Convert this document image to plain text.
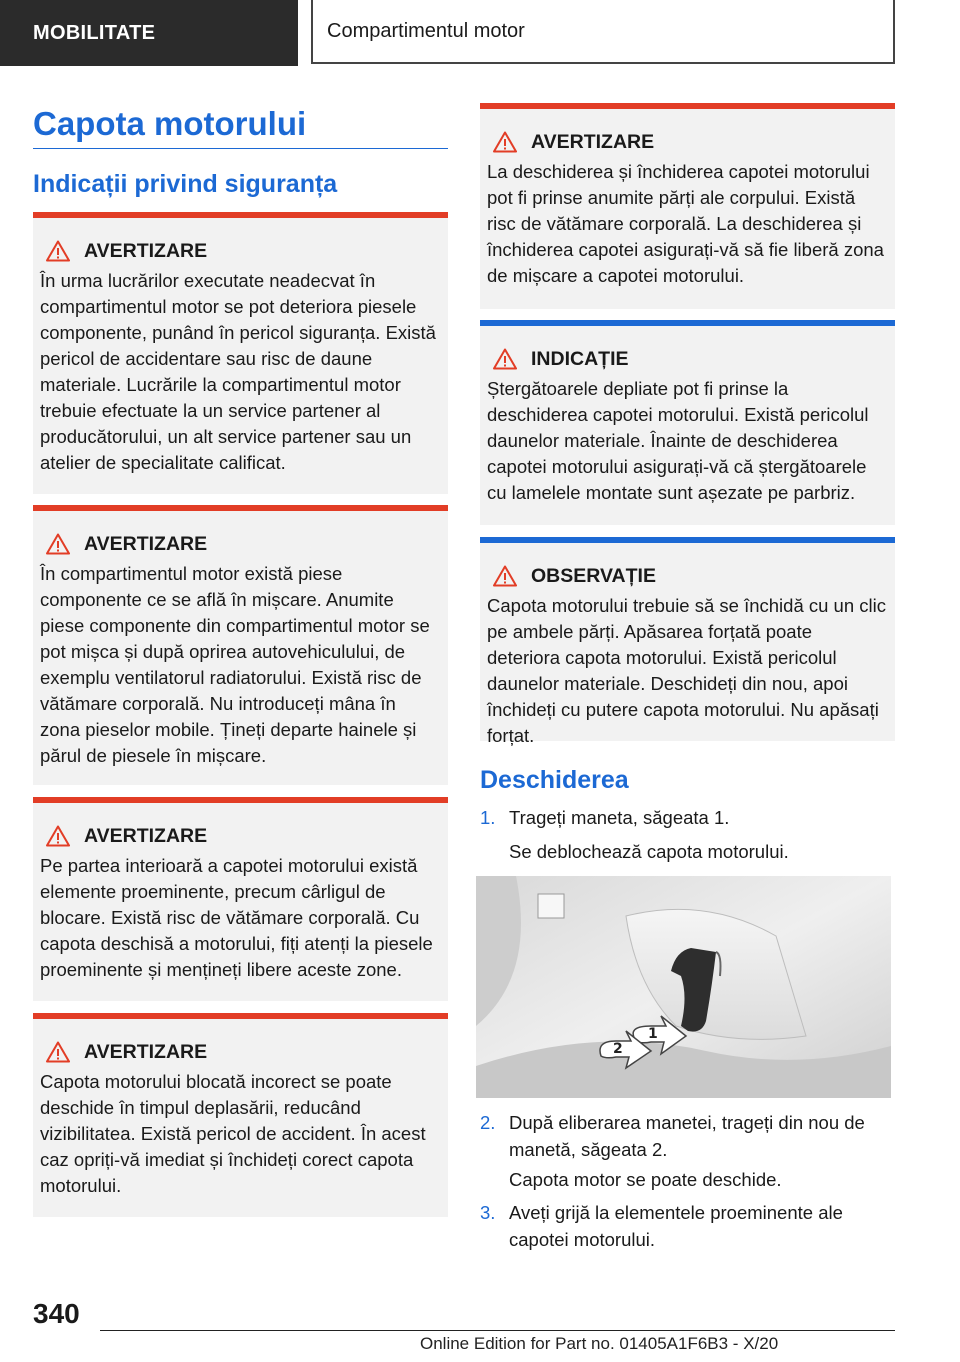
MOBILITATE	Compartimentul motor
Capota motorului
Indicații privind siguranța
AVERTIZARE

În urma lucrărilor executate neadecvat în compartimentul motor se pot deteriora piesele componente, punând în pericol siguranța. Există pericol de accidentare sau risc de daune materiale. Lucrările la compartimentul motor trebuie efectuate la un service partener al producătorului, un alt service partener sau un atelier de specialitate calificat.

AVERTIZARE

În compartimentul motor există piese componente ce se află în mișcare. Anumite piese componente din compartimentul motor se pot mișca și după oprirea autovehiculului, de exemplu ventilatorul radiatorului. Există risc de vătămare corporală. Nu introduceți mâna în zona pieselor mobile. Țineți departe hainele și părul de piesele în mișcare.

AVERTIZARE

Pe partea interioară a capotei motorului există elemente proeminente, precum cârligul de blocare. Există risc de vătămare corporală. Cu capota deschisă a motorului, fiți atenți la piesele proeminente și mențineți libere aceste zone.

AVERTIZARE

Capota motorului blocată incorect se poate deschide în timpul deplasării, reducând vizibilitatea. Există pericol de accident. În acest caz opriți-vă imediat și închideți corect capota motorului.

AVERTIZARE

La deschiderea și închiderea capotei motorului pot fi prinse anumite părți ale corpului. Există risc de vătămare corporală. La deschiderea și închiderea capotei asigurați-vă să fie liberă zona de mișcare a capotei motorului.

INDICAȚIE

Ștergătoarele depliate pot fi prinse la deschiderea capotei motorului. Există pericolul daunelor materiale. Înainte de deschiderea capotei motorului asigurați-vă că ștergătoarele cu lamelele montate sunt așezate pe parbriz.

OBSERVAȚIE

Capota motorului trebuie să se închidă cu un clic pe ambele părți. Apăsarea forțată poate deteriora capota motorului. Există pericolul daunelor materiale. Deschideți din nou, apoi închideți cu putere capota motorului. Nu apăsați forțat.

Deschiderea
1. Trageți maneta, săgeata 1.
Se deblochează capota motorului.
1
2
2. După eliberarea manetei, trageți din nou de manetă, săgeata 2.
Capota motor se poate deschide.
3. Aveți grijă la elementele proeminente ale capotei motorului.
340
Online Edition for Part no. 01405A1F6B3 - X/20
